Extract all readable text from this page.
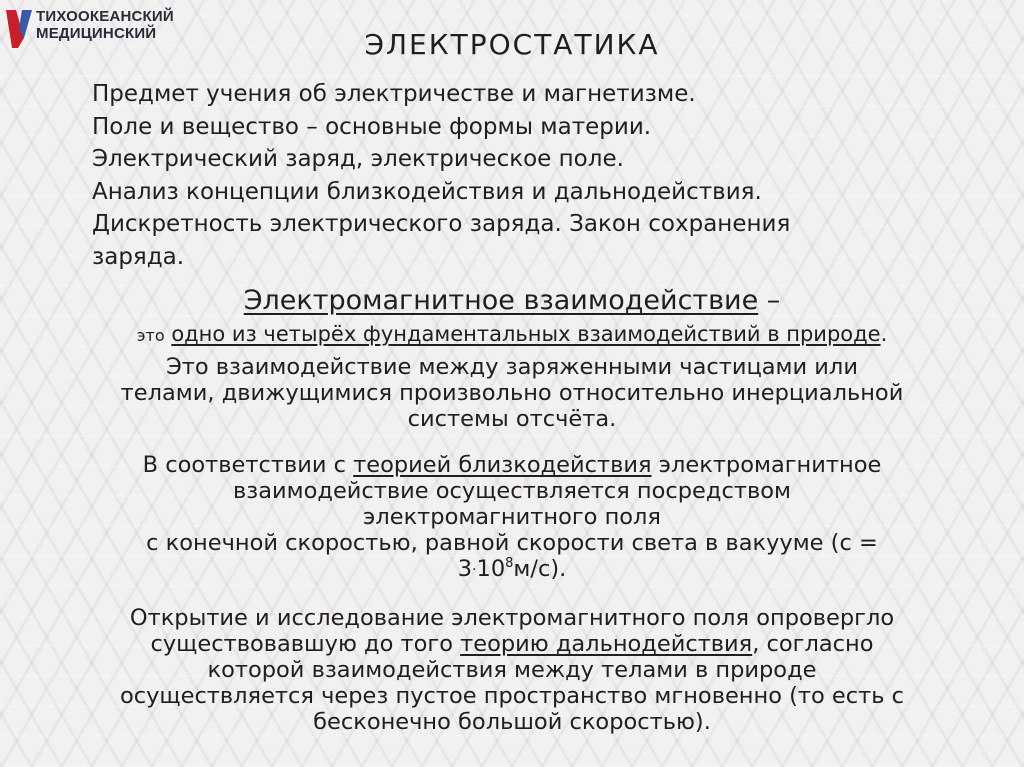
ТИХООКЕАНСКИЙ
МЕДИЦИНСКИЙ	ЭЛЕКТРОСТАТИКА
Предмет учения об электричестве и магнетизме.
Поле и вещество – основные формы материи.
Электрический заряд, электрическое поле.
Анализ концепции близкодействия и дальнодействия.
Дискретность электрического заряда. Закон сохранения
заряда.
Электромагнитное взаимодействие –
это одно из четырёх фундаментальных взаимодействий в природе.
Это взаимодействие между заряженными частицами или
телами, движущимися произвольно относительно инерциальной
системы отсчёта.
В соответствии с теорией близкодействия электромагнитное
взаимодействие осуществляется посредством
электромагнитного поля
с конечной скоростью, равной скорости света в вакууме (с =
$3\cdot 10^8м/с$).
Открытие и исследование электромагнитного поля опровергло
существовавшую до того теорию дальнодействия, согласно
которой взаимодействия между телами в природе
осуществляется через пустое пространство мгновенно (то есть с
бесконечно большой скоростью).
